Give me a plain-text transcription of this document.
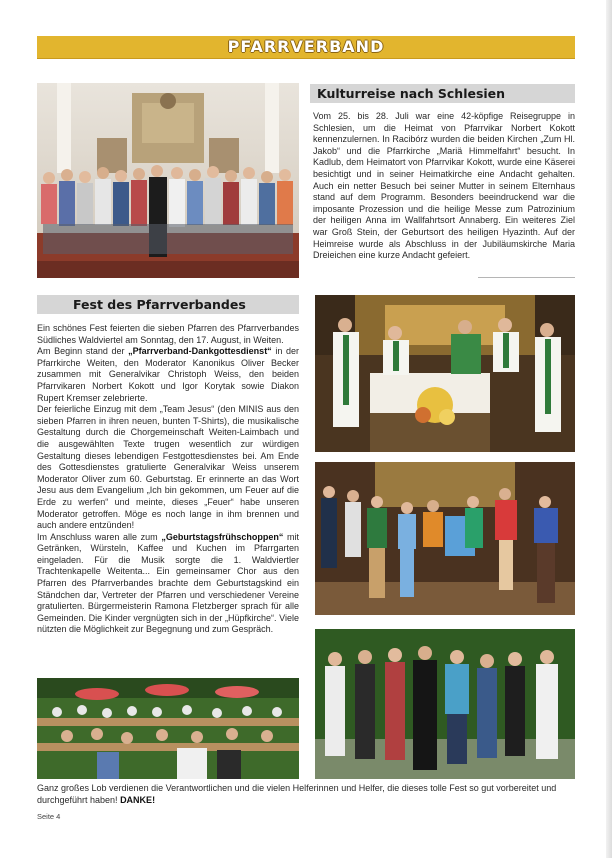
PFARRVERBAND
Kulturreise nach Schlesien

Vom 25. bis 28. Juli war eine 42-köpfige Reisegruppe in Schlesien, um die Heimat von Pfarrvikar Norbert Kokott kennenzulernen. In Racibórz wurden die beiden Kirchen „Zum Hl. Jakob“ und die Pfarrkirche „Mariä Himmelfahrt“ besucht. In Kadlub, dem Heimatort von Pfarrvikar Kokott, wurde eine Käserei besichtigt und in seiner Heimatkirche eine Andacht gehalten. Auch ein netter Besuch bei seiner Mutter in seinem Elternhaus stand auf dem Programm. Besonders beeindruckend war die imposante Prozession und die heilige Messe zum Patrozinium der heiligen Anna im Wallfahrtsort Annaberg. Ein weiteres Ziel war Groß Stein, der Geburtsort des heiligen Hyazinth. Auf der Heimreise wurde als Abschluss in der Jubiläumskirche Maria Dreieichen eine kurze Andacht gefeiert.

Fest des Pfarrverbandes

Ein schönes Fest feierten die sieben Pfarren des Pfarrverbandes Südliches Waldviertel am Sonntag, den 17. August, in Weiten.

Am Beginn stand der „Pfarrverband-Dankgottesdienst“ in der Pfarrkirche Weiten, den Moderator Kanonikus Oliver Becker zusammen mit Generalvikar Christoph Weiss, den beiden Pfarrvikaren Norbert Kokott und Igor Korytak sowie Diakon Rupert Kremser zelebrierte.

Der feierliche Einzug mit dem „Team Jesus“ (den MINIS aus den sieben Pfarren in ihren neuen, bunten T-Shirts), die musikalische Gestaltung durch die Chorgemeinschaft Weiten-Laimbach und die ausgewählten Texte trugen wesentlich zur würdigen Gestaltung dieses lebendigen Festgottesdienstes bei. Am Ende des Gottesdienstes gratulierte Generalvikar Weiss unserem Moderator Oliver zum 60. Geburtstag. Er erinnerte an das Wort Jesu aus dem Evangelium „Ich bin gekommen, um Feuer auf die Erde zu werfen“ und meinte, dieses „Feuer“ habe unseren Moderator getroffen. Möge es noch lange in ihm brennen und auch andere entzünden!

Im Anschluss waren alle zum „Geburtstagsfrühschoppen“ mit Getränken, Würsteln, Kaffee und Kuchen im Pfarrgarten eingeladen. Für die Musik sorgte die 1. Waldviertler Trachtenkapelle Weitenta... Ein gemeinsamer Chor aus den Pfarren des Pfarrverbandes brachte dem Geburtstagskind ein Ständchen dar, Vertreter der Pfarren und verschiedener Vereine gratulierten. Bürgermeisterin Ramona Fletzberger sprach für alle Gemeinden. Die Kinder vergnügten sich in der „Hüpfkirche“. Viele nützten die Möglichkeit zur Begegnung und zum Gespräch.

Ganz großes Lob verdienen die Verantwortlichen und die vielen Helferinnen und Helfer, die dieses tolle Fest so gut vorbereitet und durchgeführt haben! DANKE!
Seite 4
